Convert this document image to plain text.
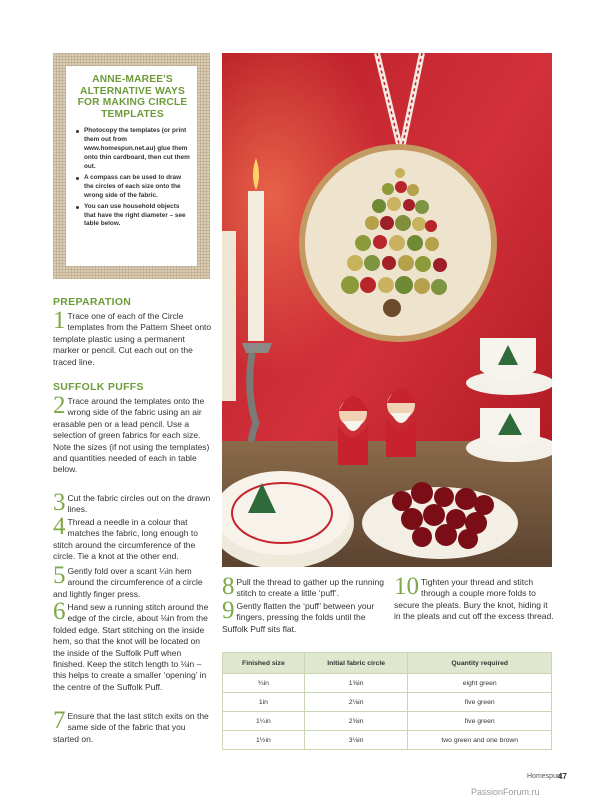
ANNE-MAREE'S ALTERNATIVE WAYS FOR MAKING CIRCLE TEMPLATES
Photocopy the templates (or print them out from www.homespun.net.au) glue them onto thin cardboard, then cut them out.
A compass can be used to draw the circles of each size onto the wrong side of the fabric.
You can use household objects that have the right diameter – see table below.
PREPARATION
1 Trace one of each of the Circle templates from the Pattern Sheet onto template plastic using a permanent marker or pencil. Cut each out on the traced line.
SUFFOLK PUFFS
2 Trace around the templates onto the wrong side of the fabric using an air erasable pen or a lead pencil. Use a selection of green fabrics for each size. Note the sizes (if not using the templates) and quantities needed of each in table below.
3 Cut the fabric circles out on the drawn lines.
4 Thread a needle in a colour that matches the fabric, long enough to stitch around the circumference of the circle. Tie a knot at the other end.
5 Gently fold over a scant ¼in hem around the circumference of a circle and lightly finger press.
6 Hand sew a running stitch around the edge of the circle, about ⅛in from the folded edge. Start stitching on the inside hem, so that the knot will be located on the inside of the Suffolk Puff when finished. Keep the stitch length to ⅛in – this helps to create a smaller ‘opening’ in the centre of the Suffolk Puff.
7 Ensure that the last stitch exits on the same side of the fabric that you started on.
8 Pull the thread to gather up the running stitch to create a little ‘puff’.
9 Gently flatten the ‘puff’ between your fingers, pressing the folds until the Suffolk Puff sits flat.
10 Tighten your thread and stitch through a couple more folds to secure the pleats. Bury the knot, hiding it in the pleats and cut off the excess thread.
Finished size	Initial fabric circle	Quantity required
¾in	1⅝in	eight green
1in	2⅛in	five green
1¼in	2⅝in	five green
1½in	3⅛in	two green and one brown
Homespun
47
PassionForum.ru
